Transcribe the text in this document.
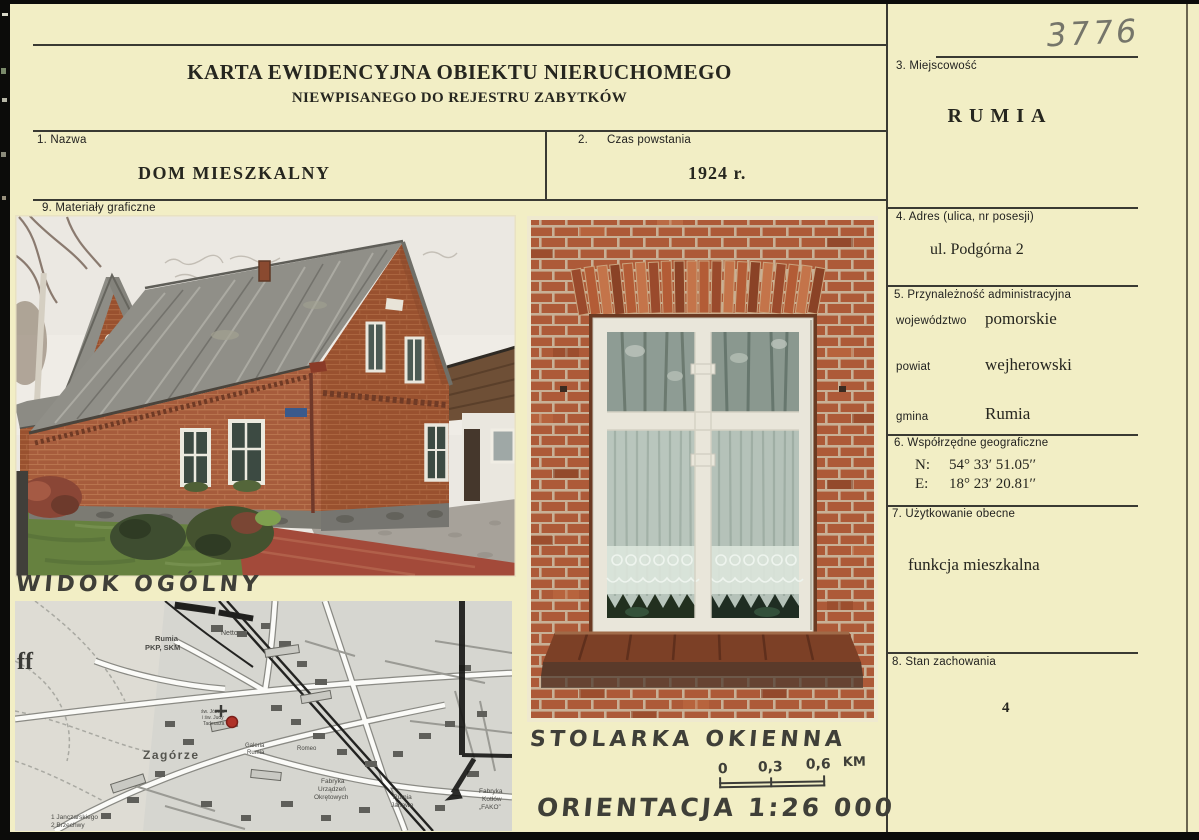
3776
KARTA EWIDENCYJNA OBIEKTU NIERUCHOMEGO
NIEWPISANEGO DO REJESTRU ZABYTKÓW
1. Nazwa
DOM MIESZKALNY
2. Czas powstania
1924 r.
3. Miejscowość
RUMIA
4. Adres (ulica, nr posesji)
ul. Podgórna 2
5. Przynależność administracyjna
województwo pomorskie
powiat	wejherowski
gmina	Rumia
6. Współrzędne geograficzne
N: 54° 33′ 51.05′′
E: 18° 23′ 20.81′′
7. Użytkowanie obecne
funkcja mieszkalna
8. Stan zachowania
4
9. Materiały graficzne
ff
Netto
Rumia
PKP, SKM
Zagórze
św. Józefa
i św. Judy
Tadeusza
Galeria
Rumia
Romeo
Fabryka
Urządzeń
Okrętowych	Rumia
Janowo
Fabryka
Kotłów
„FAKO”
1 Janczarskiego
2 Brzechwy
WIDOK OGÓLNY
STOLARKA OKIENNA
ORIENTACJA 1:26 000
0 0,3 0,6 KM
